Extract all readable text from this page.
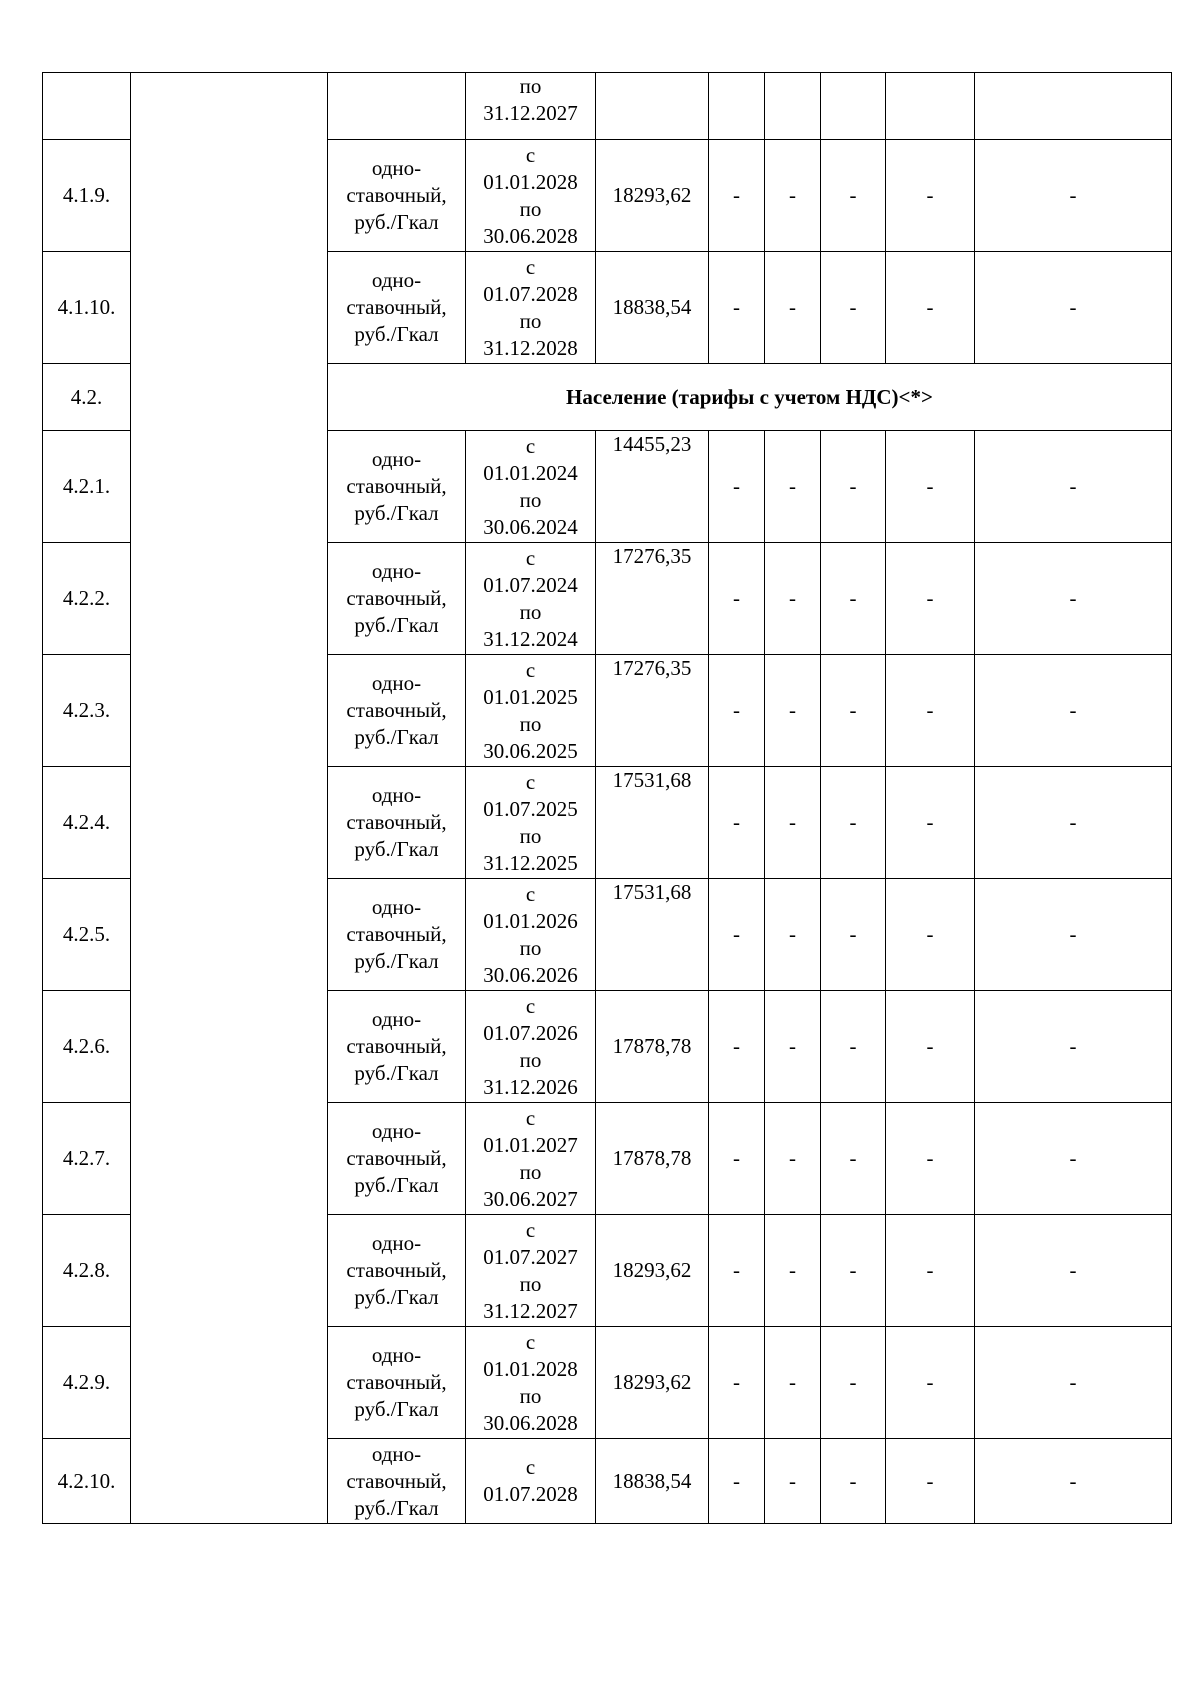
			по
31.12.2027						
4.1.9.		одно-
ставочный,
руб./Гкал	с
01.01.2028
по
30.06.2028	18293,62	-	-	-	-	-
4.1.10.		одно-
ставочный,
руб./Гкал	с
01.07.2028
по
31.12.2028	18838,54	-	-	-	-	-
4.2.		Население (тарифы с учетом НДС)<*>							
4.2.1.		одно-
ставочный,
руб./Гкал	с
01.01.2024
по
30.06.2024	14455,23	-	-	-	-	-
4.2.2.		одно-
ставочный,
руб./Гкал	с
01.07.2024
по
31.12.2024	17276,35	-	-	-	-	-
4.2.3.		одно-
ставочный,
руб./Гкал	с
01.01.2025
по
30.06.2025	17276,35	-	-	-	-	-
4.2.4.		одно-
ставочный,
руб./Гкал	с
01.07.2025
по
31.12.2025	17531,68	-	-	-	-	-
4.2.5.		одно-
ставочный,
руб./Гкал	с
01.01.2026
по
30.06.2026	17531,68	-	-	-	-	-
4.2.6.		одно-
ставочный,
руб./Гкал	с
01.07.2026
по
31.12.2026	17878,78	-	-	-	-	-
4.2.7.		одно-
ставочный,
руб./Гкал	с
01.01.2027
по
30.06.2027	17878,78	-	-	-	-	-
4.2.8.		одно-
ставочный,
руб./Гкал	с
01.07.2027
по
31.12.2027	18293,62	-	-	-	-	-
4.2.9.		одно-
ставочный,
руб./Гкал	с
01.01.2028
по
30.06.2028	18293,62	-	-	-	-	-
4.2.10.		одно-
ставочный,
руб./Гкал	с
01.07.2028	18838,54	-	-	-	-	-
